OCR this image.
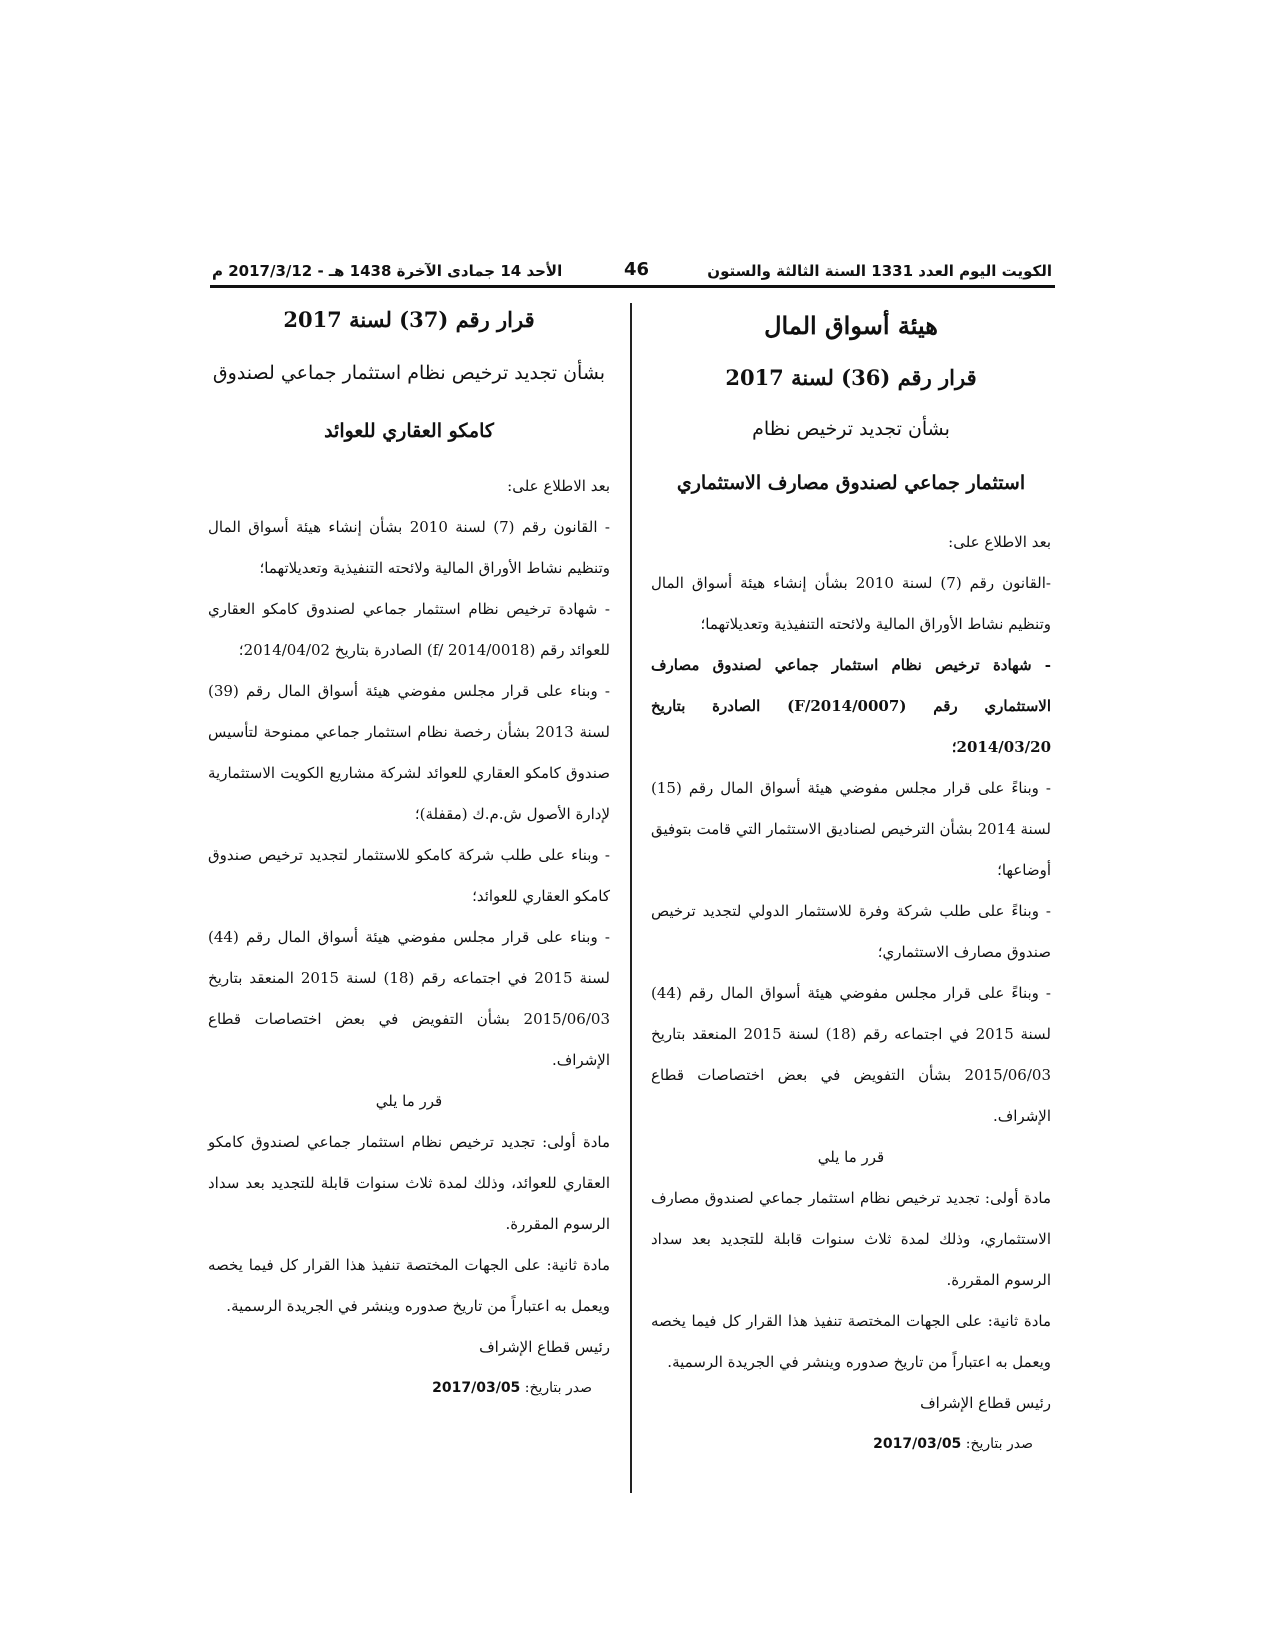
الكويت اليوم العدد 1331 السنة الثالثة والستون
46
الأحد 14 جمادى الآخرة 1438 هـ - 2017/3/12 م
هيئة أسواق المال
قرار رقم (36) لسنة 2017
بشأن تجديد ترخيص نظام
استثمار جماعي لصندوق مصارف الاستثماري

بعد الاطلاع على:

-القانون رقم (7) لسنة 2010 بشأن إنشاء هيئة أسواق المال وتنظيم نشاط الأوراق المالية ولائحته التنفيذية وتعديلاتهما؛

- شهادة ترخيص نظام استثمار جماعي لصندوق مصارف الاستثماري رقم (F/2014/0007) الصادرة بتاريخ 2014/03/20؛

- وبناءً على قرار مجلس مفوضي هيئة أسواق المال رقم (15) لسنة 2014 بشأن الترخيص لصناديق الاستثمار التي قامت بتوفيق أوضاعها؛

- وبناءً على طلب شركة وفرة للاستثمار الدولي لتجديد ترخيص صندوق مصارف الاستثماري؛

- وبناءً على قرار مجلس مفوضي هيئة أسواق المال رقم (44) لسنة 2015 في اجتماعه رقم (18) لسنة 2015 المنعقد بتاريخ 2015/06/03 بشأن التفويض في بعض اختصاصات قطاع الإشراف.

قرر ما يلي

مادة أولى: تجديد ترخيص نظام استثمار جماعي لصندوق مصارف الاستثماري، وذلك لمدة ثلاث سنوات قابلة للتجديد بعد سداد الرسوم المقررة.

مادة ثانية: على الجهات المختصة تنفيذ هذا القرار كل فيما يخصه ويعمل به اعتباراً من تاريخ صدوره وينشر في الجريدة الرسمية.

رئيس قطاع الإشراف

صدر بتاريخ: 2017/03/05

قرار رقم (37) لسنة 2017
بشأن تجديد ترخيص نظام استثمار جماعي لصندوق
كامكو العقاري للعوائد

بعد الاطلاع على:

- القانون رقم (7) لسنة 2010 بشأن إنشاء هيئة أسواق المال وتنظيم نشاط الأوراق المالية ولائحته التنفيذية وتعديلاتهما؛

- شهادة ترخيص نظام استثمار جماعي لصندوق كامكو العقاري للعوائد رقم (f/ 2014/0018) الصادرة بتاريخ 2014/04/02؛

- وبناء على قرار مجلس مفوضي هيئة أسواق المال رقم (39) لسنة 2013 بشأن رخصة نظام استثمار جماعي ممنوحة لتأسيس صندوق كامكو العقاري للعوائد لشركة مشاريع الكويت الاستثمارية لإدارة الأصول ش.م.ك (مقفلة)؛

- وبناء على طلب شركة كامكو للاستثمار لتجديد ترخيص صندوق كامكو العقاري للعوائد؛

- وبناء على قرار مجلس مفوضي هيئة أسواق المال رقم (44) لسنة 2015 في اجتماعه رقم (18) لسنة 2015 المنعقد بتاريخ 2015/06/03 بشأن التفويض في بعض اختصاصات قطاع الإشراف.

قرر ما يلي

مادة أولى: تجديد ترخيص نظام استثمار جماعي لصندوق كامكو العقاري للعوائد، وذلك لمدة ثلاث سنوات قابلة للتجديد بعد سداد الرسوم المقررة.

مادة ثانية: على الجهات المختصة تنفيذ هذا القرار كل فيما يخصه ويعمل به اعتباراً من تاريخ صدوره وينشر في الجريدة الرسمية.

رئيس قطاع الإشراف

صدر بتاريخ: 2017/03/05
